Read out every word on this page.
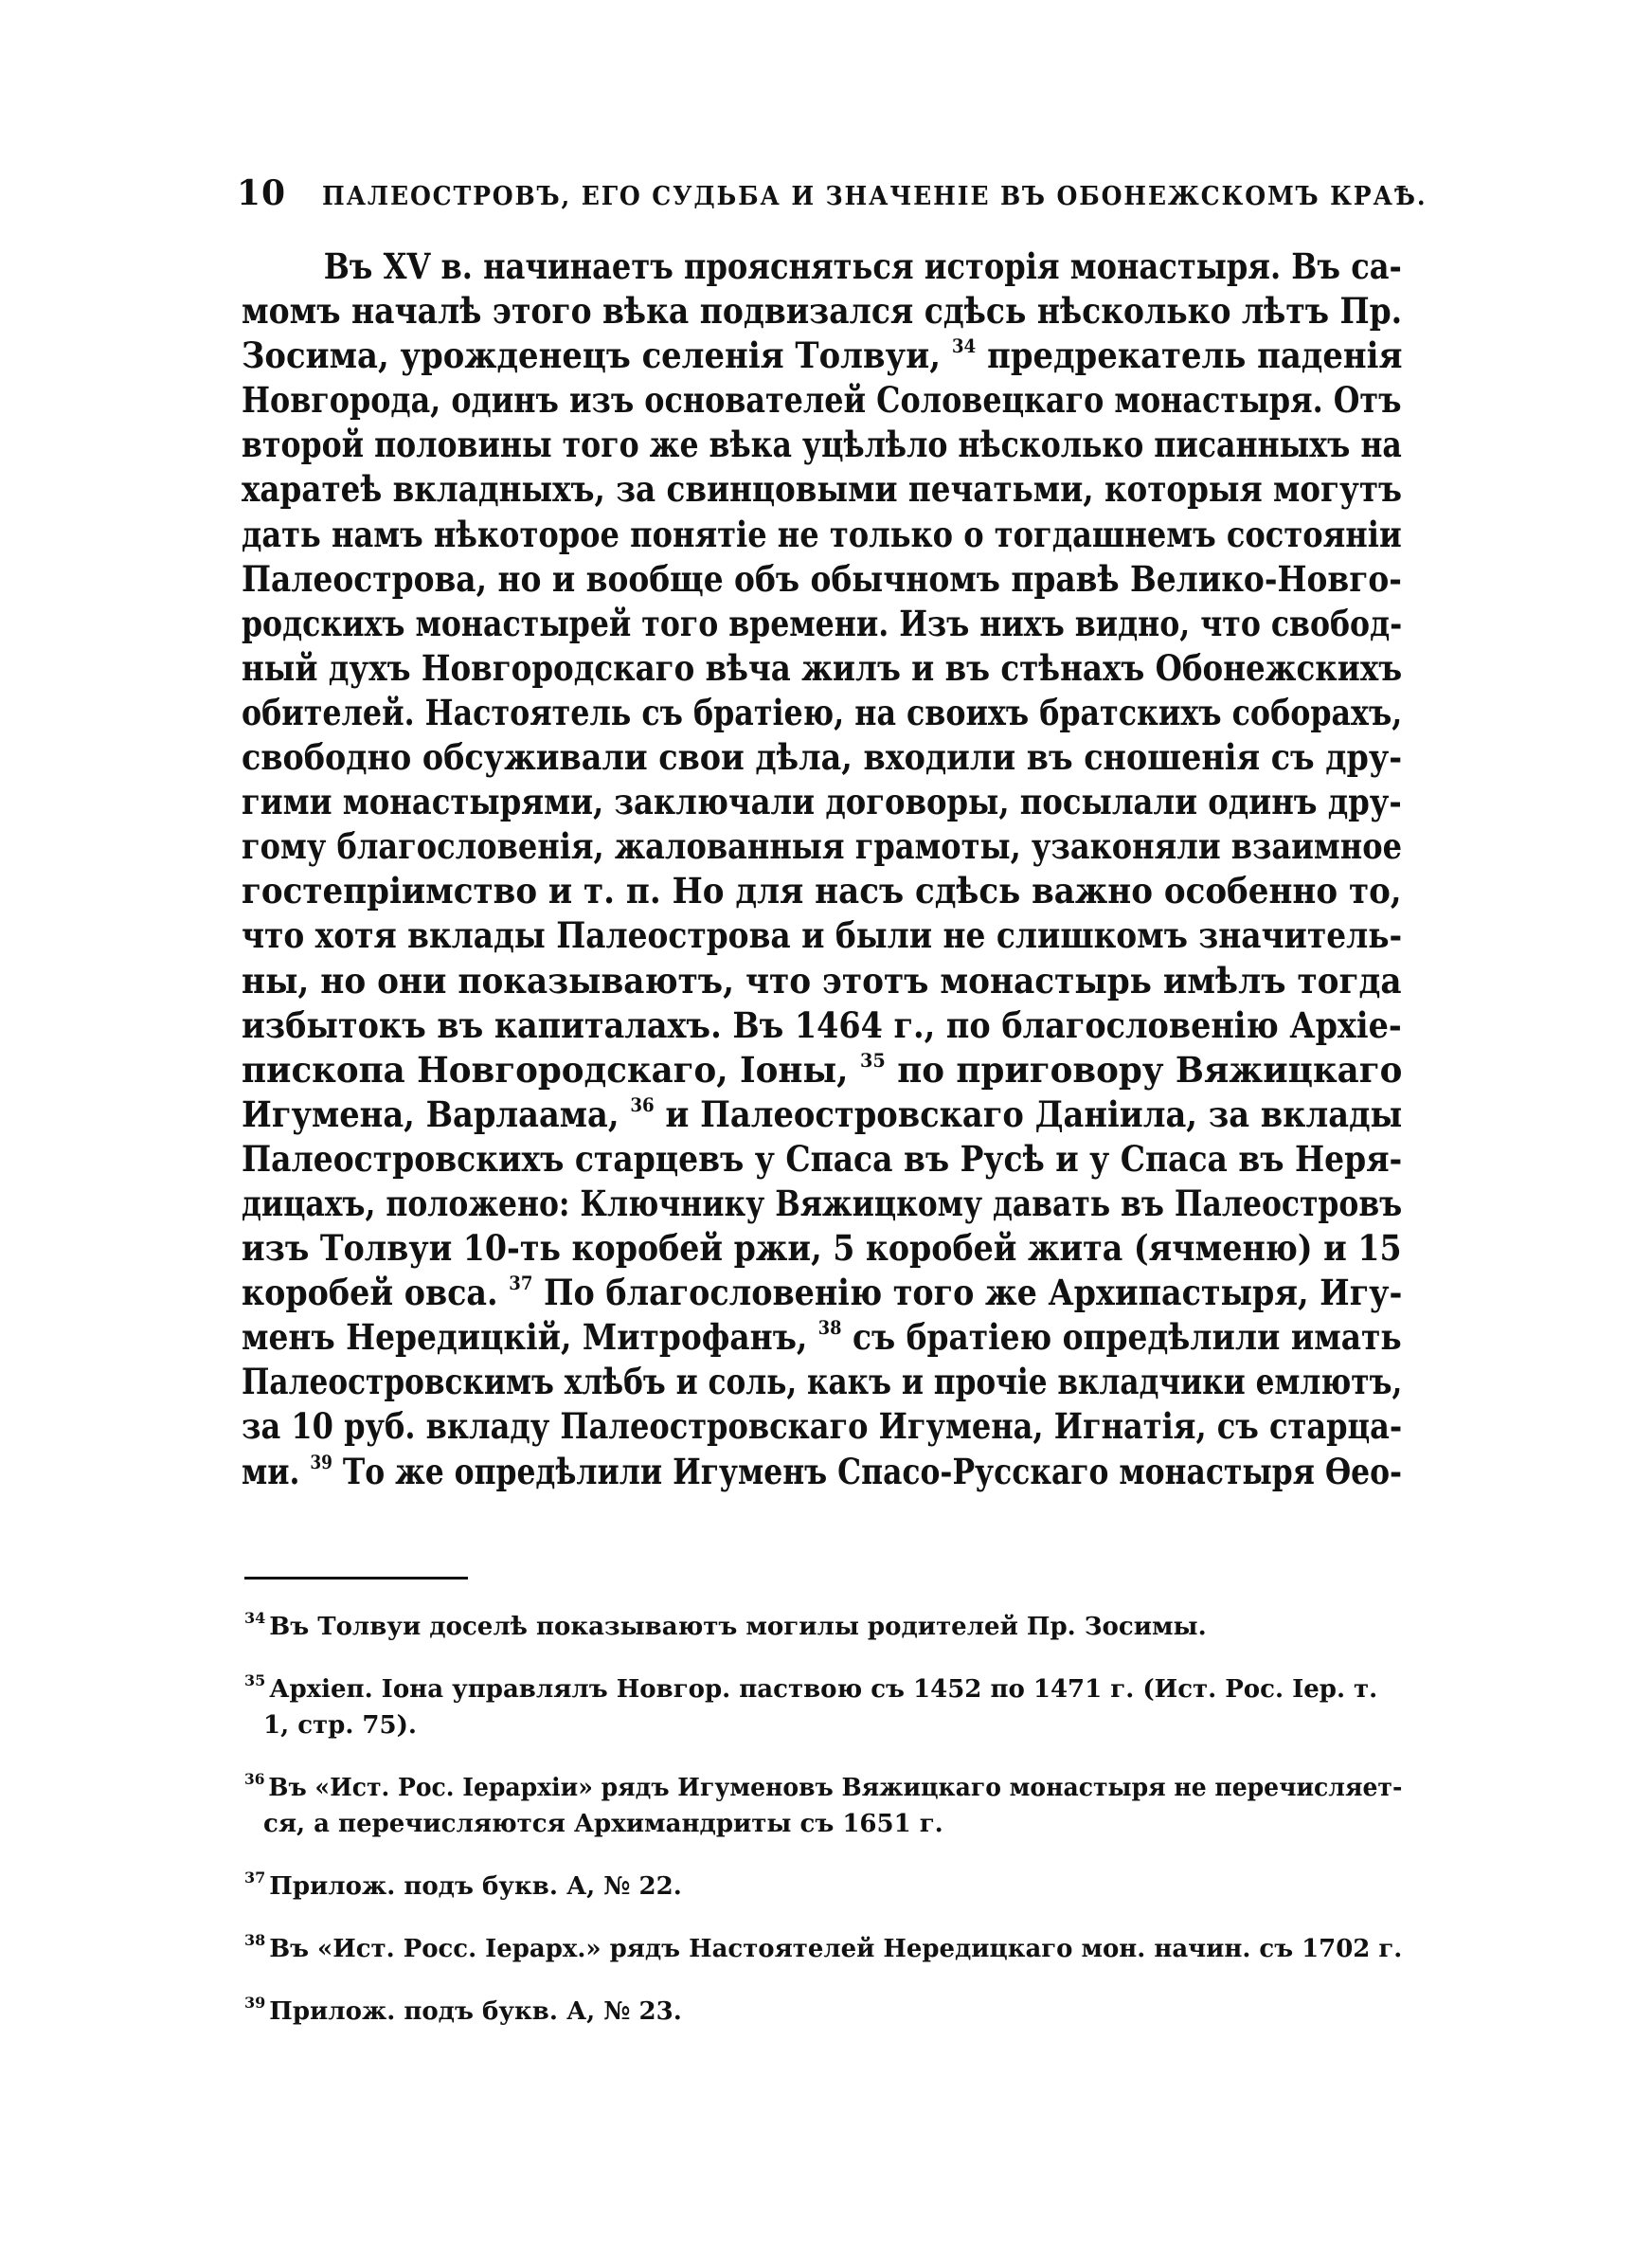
10 ПАЛЕОСТРОВЪ, ЕГО СУДЬБА И ЗНАЧЕНІЕ ВЪ ОБОНЕЖСКОМЪ КРАѢ.
Въ XV в. начинаетъ проясняться исторія монастыря. Въ са-
момъ началѣ этого вѣка подвизался сдѣсь нѣсколько лѣтъ Пр.
Зосима, урожденецъ селенія Толвуи, $^{34}$ предрекатель паденія
Новгорода, одинъ изъ основателей Соловецкаго монастыря. Отъ
второй половины того же вѣка уцѣлѣло нѣсколько писанныхъ на
харатеѣ вкладныхъ, за свинцовыми печатьми, которыя могутъ
дать намъ нѣкоторое понятіе не только о тогдашнемъ состояніи
Палеострова, но и вообще объ обычномъ правѣ Велико-Новго-
родскихъ монастырей того времени. Изъ нихъ видно, что свобод-
ный духъ Новгородскаго вѣча жилъ и въ стѣнахъ Обонежскихъ
обителей. Настоятель съ братіею, на своихъ братскихъ соборахъ,
свободно обсуживали свои дѣла, входили въ сношенія съ дру-
гими монастырями, заключали договоры, посылали одинъ дру-
гому благословенія, жалованныя грамоты, узаконяли взаимное
гостепріимство и т. п. Но для насъ сдѣсь важно особенно то,
что хотя вклады Палеострова и были не слишкомъ значитель-
ны, но они показываютъ, что этотъ монастырь имѣлъ тогда
избытокъ въ капиталахъ. Въ 1464 г., по благословенію Архіе-
пископа Новгородскаго, Іоны, $^{35}$ по приговору Вяжицкаго
Игумена, Варлаама, $^{36}$ и Палеостровскаго Даніила, за вклады
Палеостровскихъ старцевъ у Спаса въ Русѣ и у Спаса въ Неря-
дицахъ, положено: Ключнику Вяжицкому давать въ Палеостровъ
изъ Толвуи 10-ть коробей ржи, 5 коробей жита (ячменю) и 15
коробей овса. $^{37}$ По благословенію того же Архипастыря, Игу-
менъ Нередицкій, Митрофанъ, $^{38}$ съ братіею опредѣлили имать
Палеостровскимъ хлѣбъ и соль, какъ и прочіе вкладчики емлютъ,
за 10 руб. вкладу Палеостровскаго Игумена, Игнатія, съ старца-
ми. $^{39}$ То же опредѣлили Игуменъ Спасо-Русскаго монастыря Ѳео-
$^{34}$ Въ Толвуи доселѣ показываютъ могилы родителей Пр. Зосимы.
$^{35}$ Архіеп. Іона управлялъ Новгор. паствою съ 1452 по 1471 г. (Ист. Рос. Іер. т.
1, стр. 75).
$^{36}$ Въ «Ист. Рос. Іерархіи» рядъ Игуменовъ Вяжицкаго монастыря не перечисляет-
ся, а перечисляются Архимандриты съ 1651 г.
$^{37}$ Прилож. подъ букв. А, № 22.
$^{38}$ Въ «Ист. Росс. Іерарх.» рядъ Настоятелей Нередицкаго мон. начин. съ 1702 г.
$^{39}$ Прилож. подъ букв. А, № 23.
